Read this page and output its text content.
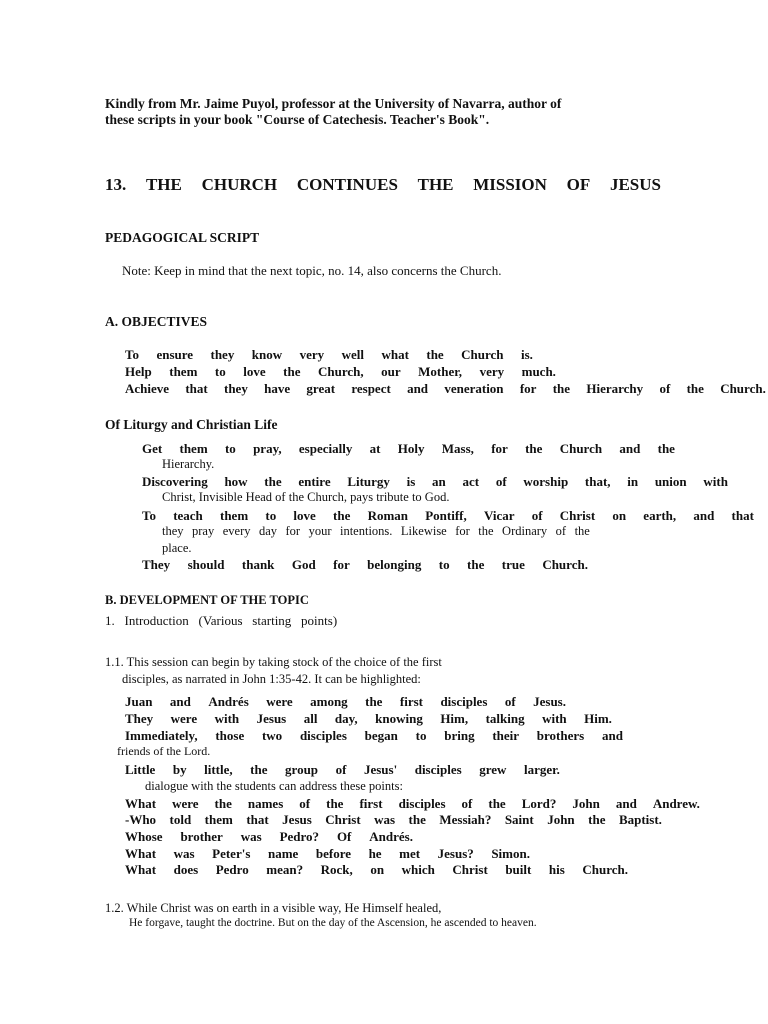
Kindly from Mr. Jaime Puyol, professor at the University of Navarra, author of
these scripts in your book "Course of Catechesis. Teacher's Book".
13. THE CHURCH CONTINUES THE MISSION OF JESUS
PEDAGOGICAL SCRIPT
Note: Keep in mind that the next topic, no. 14, also concerns the Church.
A. OBJECTIVES
To ensure they know very well what the Church is.
Help them to love the Church, our Mother, very much.
Achieve that they have great respect and veneration for the Hierarchy of the Church.
Of Liturgy and Christian Life
Get them to pray, especially at Holy Mass, for the Church and the
Hierarchy.
Discovering how the entire Liturgy is an act of worship that, in union with
Christ, Invisible Head of the Church, pays tribute to God.
To teach them to love the Roman Pontiff, Vicar of Christ on earth, and that
they pray every day for your intentions. Likewise for the Ordinary of the
place.
They should thank God for belonging to the true Church.
B. DEVELOPMENT OF THE TOPIC
1.   Introduction   (Various   starting   points)
1.1. This session can begin by taking stock of the choice of the first
disciples, as narrated in John 1:35-42. It can be highlighted:
Juan and Andrés were among the first disciples of Jesus.
They were with Jesus all day, knowing Him, talking with Him.
Immediately, those two disciples began to bring their brothers and
friends of the Lord.
Little by little, the group of Jesus' disciples grew larger.
dialogue with the students can address these points:
What were the names of the first disciples of the Lord? John and Andrew.
-Who told them that Jesus Christ was the Messiah? Saint John the Baptist.
Whose brother was Pedro? Of Andrés.
What was Peter's name before he met Jesus? Simon.
What does Pedro mean? Rock, on which Christ built his Church.
1.2. While Christ was on earth in a visible way, He Himself healed,
He forgave, taught the doctrine. But on the day of the Ascension, he ascended to heaven.
